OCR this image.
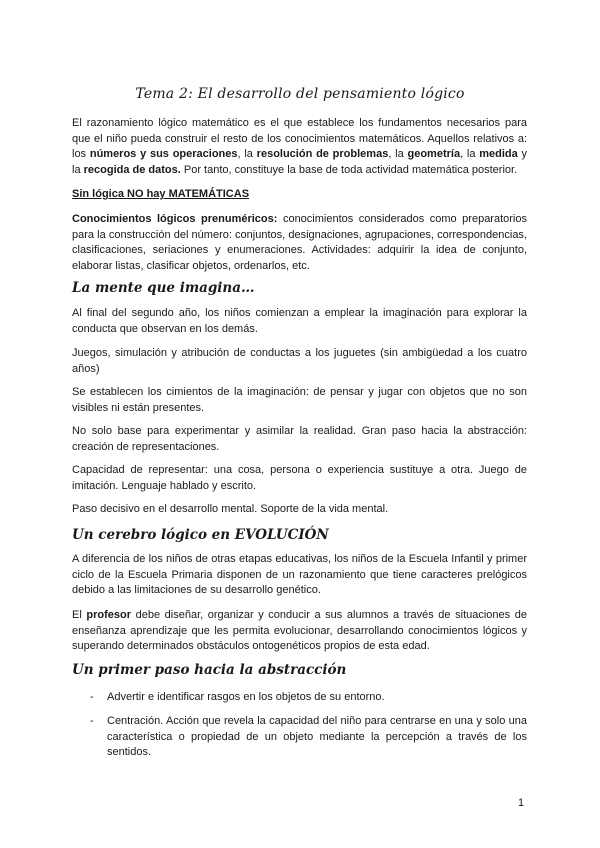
Tema 2: El desarrollo del pensamiento lógico

El razonamiento lógico matemático es el que establece los fundamentos necesarios para que el niño pueda construir el resto de los conocimientos matemáticos. Aquellos relativos a: los números y sus operaciones, la resolución de problemas, la geometría, la medida y la recogida de datos. Por tanto, constituye la base de toda actividad matemática posterior.

Sin lógica NO hay MATEMÁTICAS

Conocimientos lógicos prenuméricos: conocimientos considerados como preparatorios para la construcción del número: conjuntos, designaciones, agrupaciones, correspondencias, clasificaciones, seriaciones y enumeraciones. Actividades: adquirir la idea de conjunto, elaborar listas, clasificar objetos, ordenarlos, etc.

La mente que imagina…

Al final del segundo año, los niños comienzan a emplear la imaginación para explorar la conducta que observan en los demás.

Juegos, simulación y atribución de conductas a los juguetes (sin ambigüedad a los cuatro años)

Se establecen los cimientos de la imaginación: de pensar y jugar con objetos que no son visibles ni están presentes.

No solo base para experimentar y asimilar la realidad. Gran paso hacia la abstracción: creación de representaciones.

Capacidad de representar: una cosa, persona o experiencia sustituye a otra. Juego de imitación. Lenguaje hablado y escrito.

Paso decisivo en el desarrollo mental. Soporte de la vida mental.

Un cerebro lógico en EVOLUCIÓN

A diferencia de los niños de otras etapas educativas, los niños de la Escuela Infantil y primer ciclo de la Escuela Primaria disponen de un razonamiento que tiene caracteres prelógicos debido a las limitaciones de su desarrollo genético.

El profesor debe diseñar, organizar y conducir a sus alumnos a través de situaciones de enseñanza aprendizaje que les permita evolucionar, desarrollando conocimientos lógicos y superando determinados obstáculos ontogenéticos propios de esta edad.

Un primer paso hacia la abstracción

- Advertir e identificar rasgos en los objetos de su entorno.
- Centración. Acción que revela la capacidad del niño para centrarse en una y solo una característica o propiedad de un objeto mediante la percepción a través de los sentidos.
1
